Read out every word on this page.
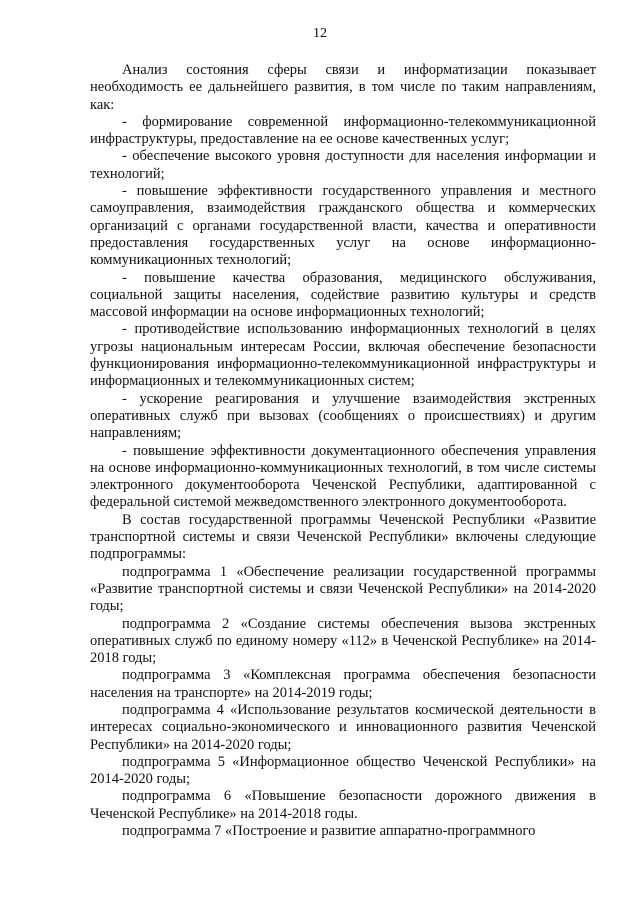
12

Анализ состояния сферы связи и информатизации показывает необходимость ее дальнейшего развития, в том числе по таким направлениям, как:

- формирование современной информационно-телекоммуникационной инфраструктуры, предоставление на ее основе качественных услуг;

- обеспечение высокого уровня доступности для населения информации и технологий;

- повышение эффективности государственного управления и местного самоуправления, взаимодействия гражданского общества и коммерческих организаций с органами государственной власти, качества и оперативности предоставления государственных услуг на основе информационно-коммуникационных технологий;

- повышение качества образования, медицинского обслуживания, социальной защиты населения, содействие развитию культуры и средств массовой информации на основе информационных технологий;

- противодействие использованию информационных технологий в целях угрозы национальным интересам России, включая обеспечение безопасности функционирования информационно-телекоммуникационной инфраструктуры и информационных и телекоммуникационных систем;

- ускорение реагирования и улучшение взаимодействия экстренных оперативных служб при вызовах (сообщениях о происшествиях) и другим направлениям;

- повышение эффективности документационного обеспечения управления на основе информационно-коммуникационных технологий, в том числе системы электронного документооборота Чеченской Республики, адаптированной с федеральной системой межведомственного электронного документооборота.

В состав государственной программы Чеченской Республики «Развитие транспортной системы и связи Чеченской Республики» включены следующие подпрограммы:

подпрограмма 1 «Обеспечение реализации государственной программы «Развитие транспортной системы и связи Чеченской Республики» на 2014-2020 годы;

подпрограмма 2 «Создание системы обеспечения вызова экстренных оперативных служб по единому номеру «112» в Чеченской Республике» на 2014-2018 годы;

подпрограмма 3 «Комплексная программа обеспечения безопасности населения на транспорте» на 2014-2019 годы;

подпрограмма 4 «Использование результатов космической деятельности в интересах социально-экономического и инновационного развития Чеченской Республики» на 2014-2020 годы;

подпрограмма 5 «Информационное общество Чеченской Республики» на 2014-2020 годы;

подпрограмма 6 «Повышение безопасности дорожного движения в Чеченской Республике» на 2014-2018 годы.

подпрограмма 7 «Построение и развитие аппаратно-программного
